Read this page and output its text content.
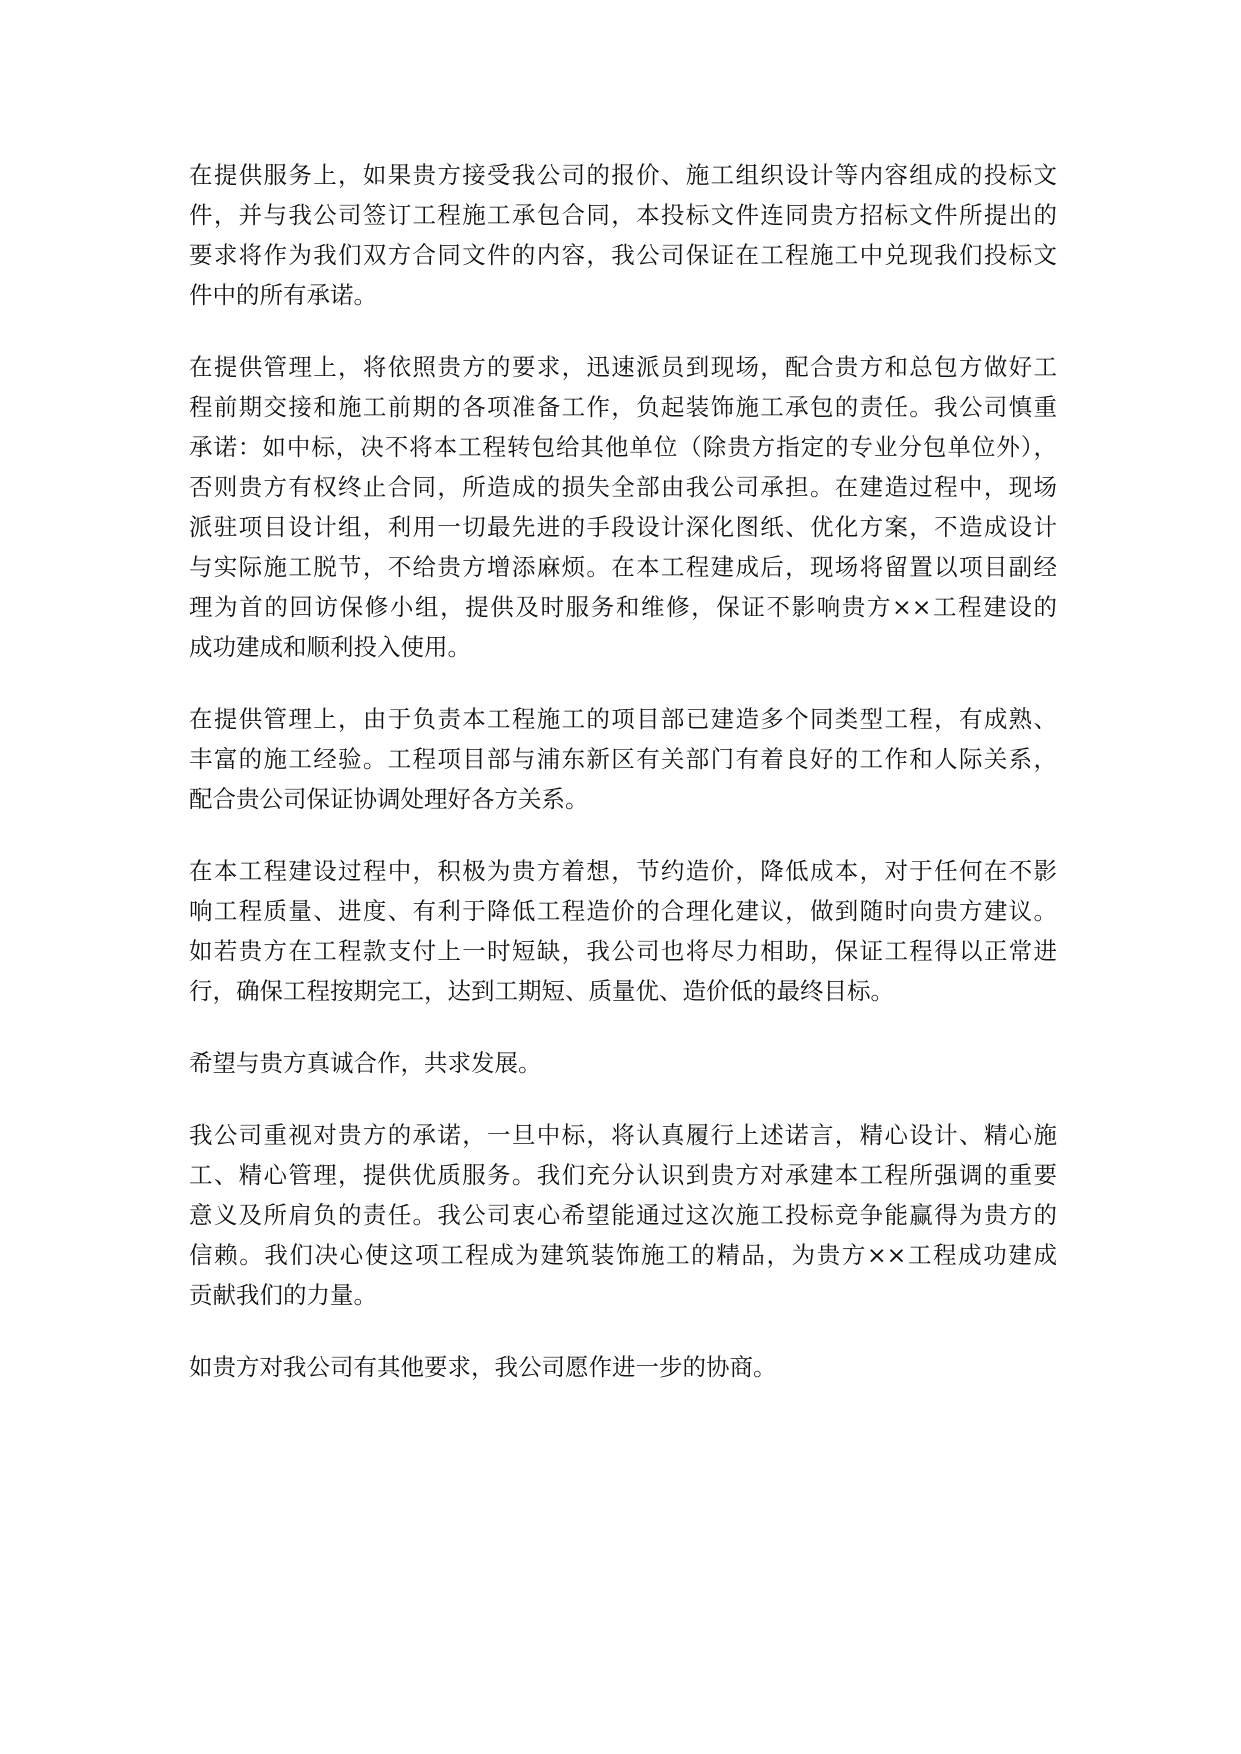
在提供服务上，如果贵方接受我公司的报价、施工组织设计等内容组成的投标文
件，并与我公司签订工程施工承包合同，本投标文件连同贵方招标文件所提出的
要求将作为我们双方合同文件的内容，我公司保证在工程施工中兑现我们投标文
件中的所有承诺。
在提供管理上，将依照贵方的要求，迅速派员到现场，配合贵方和总包方做好工
程前期交接和施工前期的各项准备工作，负起装饰施工承包的责任。我公司慎重
承诺：如中标，决不将本工程转包给其他单位（除贵方指定的专业分包单位外），
否则贵方有权终止合同，所造成的损失全部由我公司承担。在建造过程中，现场
派驻项目设计组，利用一切最先进的手段设计深化图纸、优化方案，不造成设计
与实际施工脱节，不给贵方增添麻烦。在本工程建成后，现场将留置以项目副经
理为首的回访保修小组，提供及时服务和维修，保证不影响贵方××工程建设的
成功建成和顺利投入使用。
在提供管理上，由于负责本工程施工的项目部已建造多个同类型工程，有成熟、
丰富的施工经验。工程项目部与浦东新区有关部门有着良好的工作和人际关系，
配合贵公司保证协调处理好各方关系。
在本工程建设过程中，积极为贵方着想，节约造价，降低成本，对于任何在不影
响工程质量、进度、有利于降低工程造价的合理化建议，做到随时向贵方建议。
如若贵方在工程款支付上一时短缺，我公司也将尽力相助，保证工程得以正常进
行，确保工程按期完工，达到工期短、质量优、造价低的最终目标。
希望与贵方真诚合作，共求发展。
我公司重视对贵方的承诺，一旦中标，将认真履行上述诺言，精心设计、精心施
工、精心管理，提供优质服务。我们充分认识到贵方对承建本工程所强调的重要
意义及所肩负的责任。我公司衷心希望能通过这次施工投标竞争能赢得为贵方的
信赖。我们决心使这项工程成为建筑装饰施工的精品，为贵方××工程成功建成
贡献我们的力量。
如贵方对我公司有其他要求，我公司愿作进一步的协商。
